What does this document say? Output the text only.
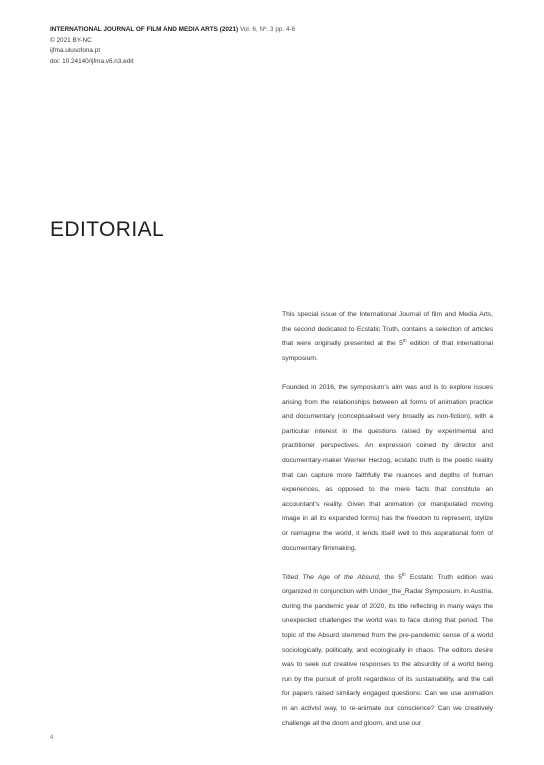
INTERNATIONAL JOURNAL OF FILM AND MEDIA ARTS (2021) Vol. 6, Nº. 3 pp. 4-6
© 2021 BY-NC
ijfma.ulusofona.pt
doi: 10.24140/ijfma.v6.n3.edit
EDITORIAL

This special issue of the International Journal of film and Media Arts, the second dedicated to Ecstatic Truth, contains a selection of articles that were originally presented at the 5th edition of that international symposium.

Founded in 2016, the symposium’s aim was and is to explore issues arising from the relationships between all forms of animation practice and documentary (conceptualised very broadly as non-fiction), with a particular interest in the questions raised by experimental and practitioner perspectives. An expression coined by director and documentary-maker Werner Herzog, ecstatic truth is the poetic reality that can capture more faithfully the nuances and depths of human experiences, as opposed to the mere facts that constitute an accountant’s reality. Given that animation (or manipulated moving image in all its expanded forms) has the freedom to represent, stylize or reimagine the world, it lends itself well to this aspirational form of documentary filmmaking.

Titled The Age of the Absurd, the 5th Ecstatic Truth edition was organized in conjunction with Under_the_Radar Symposium, in Austria, during the pandemic year of 2020, its title reflecting in many ways the unexpected challenges the world was to face during that period. The topic of the Absurd stemmed from the pre-pandemic sense of a world sociologically, politically, and ecologically in chaos. The editors desire was to seek out creative responses to the absurdity of a world being run by the pursuit of profit regardless of its sustainability, and the call for papers raised similarly engaged questions: Can we use animation in an activist way, to re-animate our conscience? Can we creatively challenge all the doom and gloom, and use our

4
